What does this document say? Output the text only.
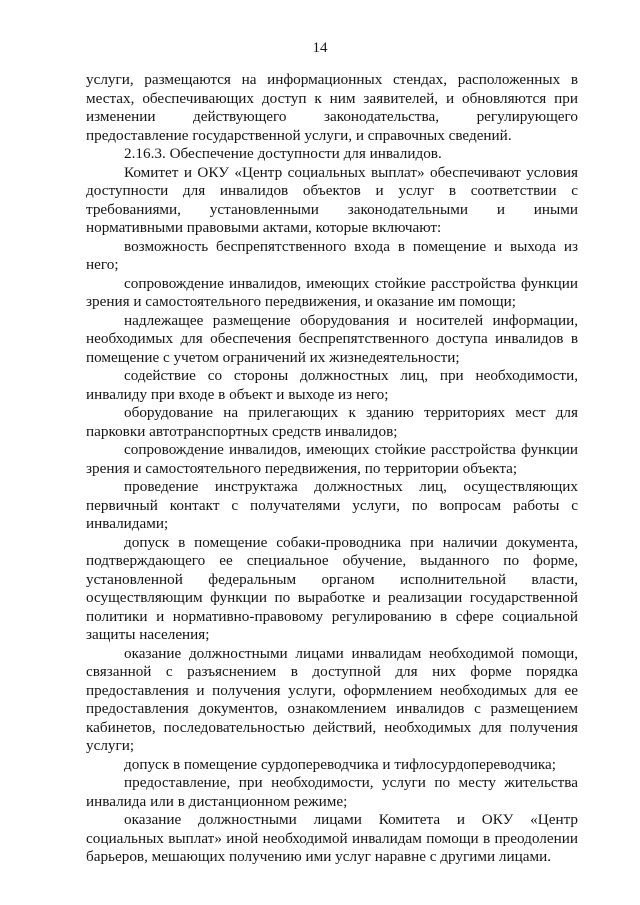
14

услуги, размещаются на информационных стендах, расположенных в местах, обеспечивающих доступ к ним заявителей, и обновляются при изменении действующего законодательства, регулирующего предоставление государственной услуги, и справочных сведений.

2.16.3. Обеспечение доступности для инвалидов.

Комитет и ОКУ «Центр социальных выплат» обеспечивают условия доступности для инвалидов объектов и услуг в соответствии с требованиями, установленными законодательными и иными нормативными правовыми актами, которые включают:

возможность беспрепятственного входа в помещение и выхода из него;

сопровождение инвалидов, имеющих стойкие расстройства функции зрения и самостоятельного передвижения, и оказание им помощи;

надлежащее размещение оборудования и носителей информации, необходимых для обеспечения беспрепятственного доступа инвалидов в помещение с учетом ограничений их жизнедеятельности;

содействие со стороны должностных лиц, при необходимости, инвалиду при входе в объект и выходе из него;

оборудование на прилегающих к зданию территориях мест для парковки автотранспортных средств инвалидов;

сопровождение инвалидов, имеющих стойкие расстройства функции зрения и самостоятельного передвижения, по территории объекта;

проведение инструктажа должностных лиц, осуществляющих первичный контакт с получателями услуги, по вопросам работы с инвалидами;

допуск в помещение собаки-проводника при наличии документа, подтверждающего ее специальное обучение, выданного по форме, установленной федеральным органом исполнительной власти, осуществляющим функции по выработке и реализации государственной политики и нормативно-правовому регулированию в сфере социальной защиты населения;

оказание должностными лицами инвалидам необходимой помощи, связанной с разъяснением в доступной для них форме порядка предоставления и получения услуги, оформлением необходимых для ее предоставления документов, ознакомлением инвалидов с размещением кабинетов, последовательностью действий, необходимых для получения услуги;

допуск в помещение сурдопереводчика и тифлосурдопереводчика;

предоставление, при необходимости, услуги по месту жительства инвалида или в дистанционном режиме;

оказание должностными лицами Комитета и ОКУ «Центр социальных выплат» иной необходимой инвалидам помощи в преодолении барьеров, мешающих получению ими услуг наравне с другими лицами.
